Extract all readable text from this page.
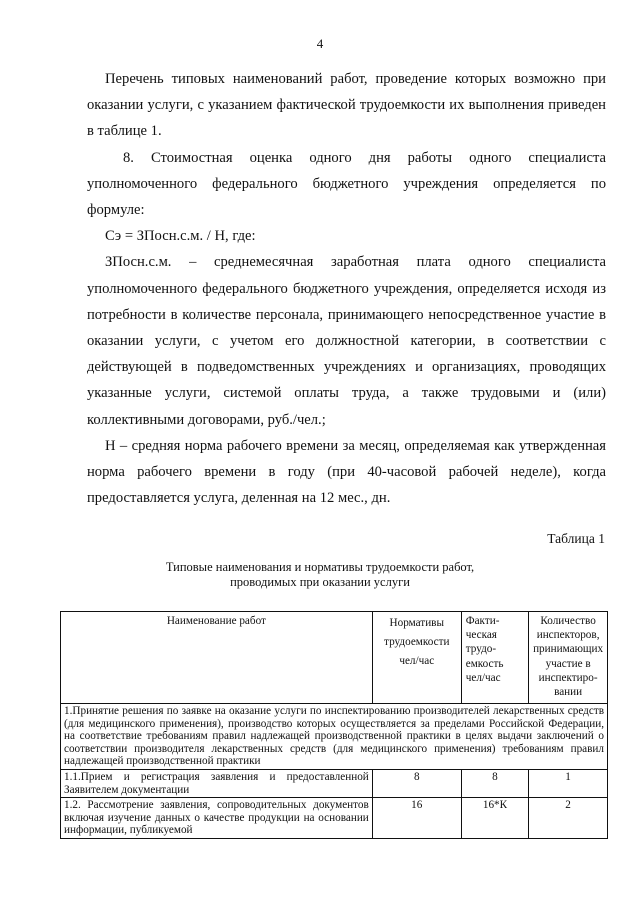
4

Перечень типовых наименований работ, проведение которых возможно при оказании услуги, с указанием фактической трудоемкости их выполнения приведен в таблице 1.

8. Стоимостная оценка одного дня работы одного специалиста уполномоченного федерального бюджетного учреждения определяется по формуле:

Сэ = ЗПосн.с.м. / Н, где:

ЗПосн.с.м. – среднемесячная заработная плата одного специалиста уполномоченного федерального бюджетного учреждения, определяется исходя из потребности в количестве персонала, принимающего непосредственное участие в оказании услуги, с учетом его должностной категории, в соответствии с действующей в подведомственных учреждениях и организациях, проводящих указанные услуги, системой оплаты труда, а также трудовыми и (или) коллективными договорами, руб./чел.;

Н – средняя норма рабочего времени за месяц, определяемая как утвержденная норма рабочего времени в году (при 40-часовой рабочей неделе), когда предоставляется услуга, деленная на 12 мес., дн.

Таблица 1
Типовые наименования и нормативы трудоемкости работ,
проводимых при оказании услуги
Наименование работ	Нормативы трудоемкости чел/час	Факти-ческая трудо-емкость чел/час	Количество инспекторов, принимающих участие в инспектиро-вании
1.Принятие решения по заявке на оказание услуги по инспектированию производителей лекарственных средств (для медицинского применения), производство которых осуществляется за пределами Российской Федерации, на соответствие требованиям правил надлежащей производственной практики в целях выдачи заключений о соответствии производителя лекарственных средств (для медицинского применения) требованиям правил надлежащей производственной практики			
1.1.Прием и регистрация заявления и предоставленной Заявителем документации	8	8	1
1.2. Рассмотрение заявления, сопроводительных документов включая изучение данных о качестве продукции на основании информации, публикуемой	16	16*К	2
